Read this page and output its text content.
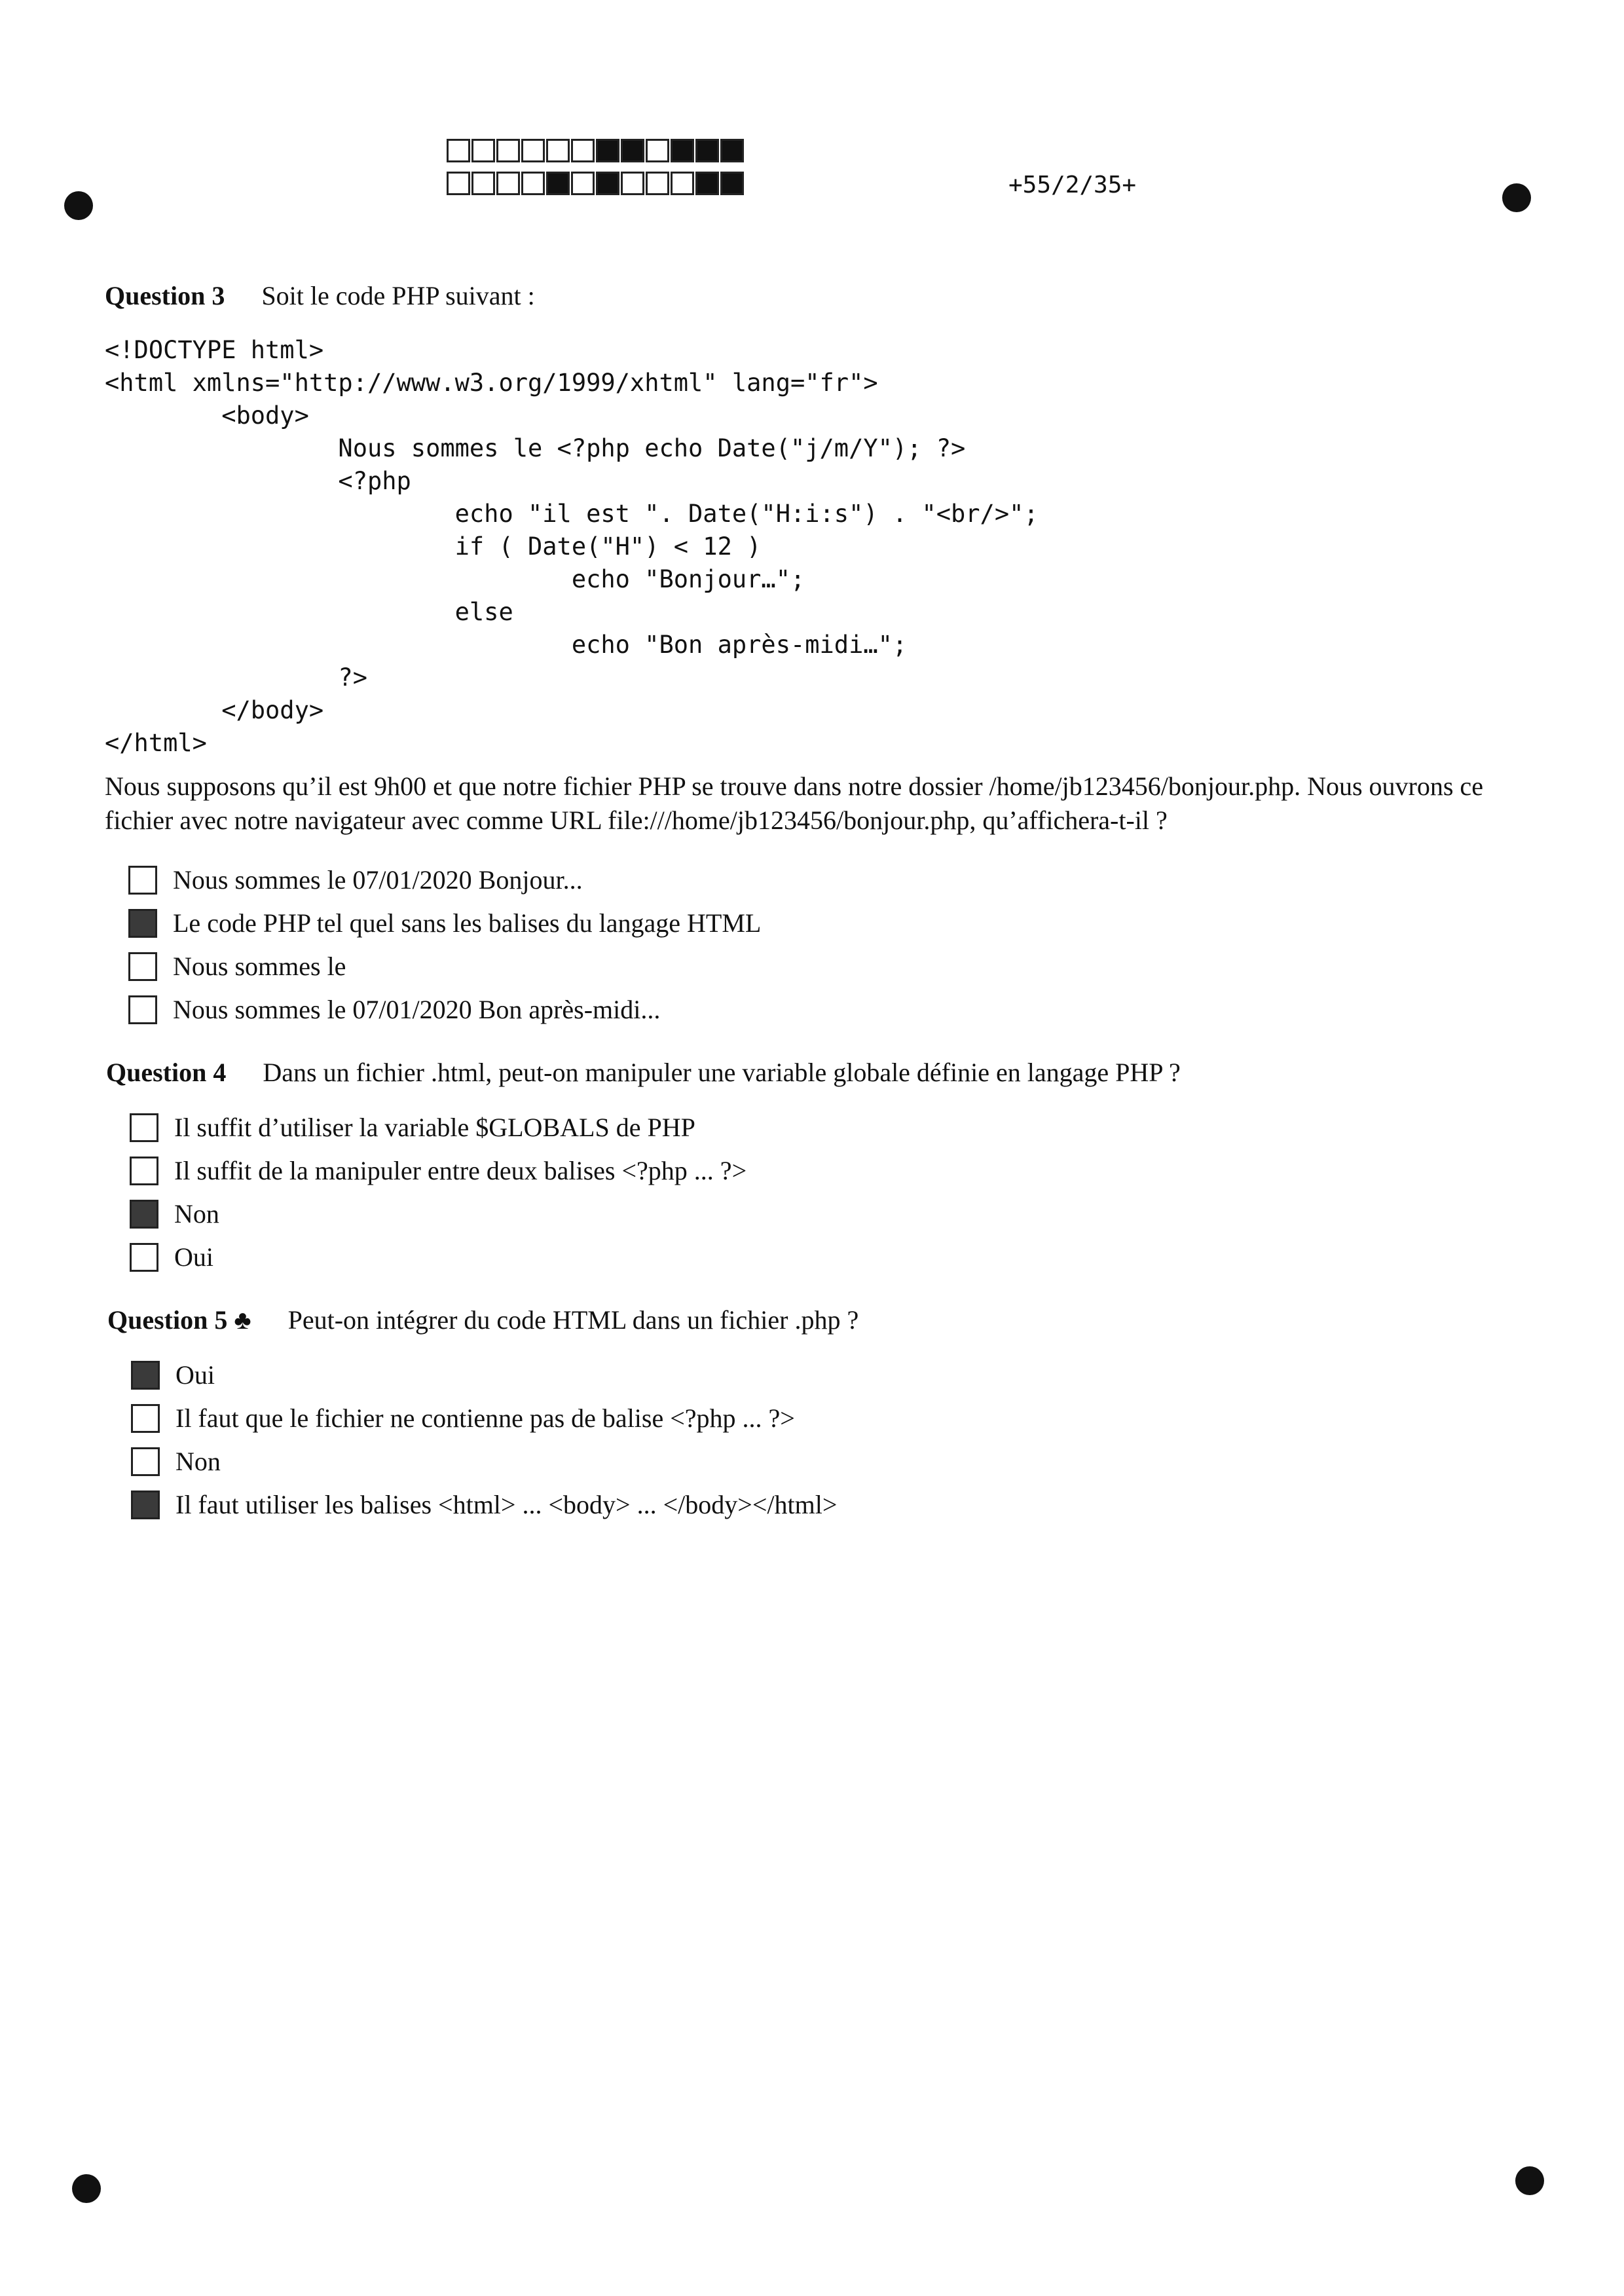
+55/2/35+
Question 3 Soit le code PHP suivant :
<!DOCTYPE html>
<html xmlns="http://www.w3.org/1999/xhtml" lang="fr">
<body>
Nous sommes le <?php echo Date("j/m/Y"); ?>
<?php
echo "il est ". Date("H:i:s") . "<br/>";
if ( Date("H") < 12 )
echo "Bonjour…";
else
echo "Bon après-midi…";
?>
</body>
</html>
Nous supposons qu’il est 9h00 et que notre fichier PHP se trouve dans notre dossier /home/jb123456/bonjour.php. Nous ouvrons ce fichier avec notre navigateur avec comme URL file:///home/jb123456/bonjour.php, qu’affichera-t-il ?
Nous sommes le 07/01/2020 Bonjour...
Le code PHP tel quel sans les balises du langage HTML
Nous sommes le
Nous sommes le 07/01/2020 Bon après-midi...
Question 4 Dans un fichier .html, peut-on manipuler une variable globale définie en langage PHP ?
Il suffit d’utiliser la variable $GLOBALS de PHP
Il suffit de la manipuler entre deux balises <?php ... ?>
Non
Oui
Question 5 ♣ Peut-on intégrer du code HTML dans un fichier .php ?
Oui
Il faut que le fichier ne contienne pas de balise <?php ... ?>
Non
Il faut utiliser les balises <html> ... <body> ... </body></html>
